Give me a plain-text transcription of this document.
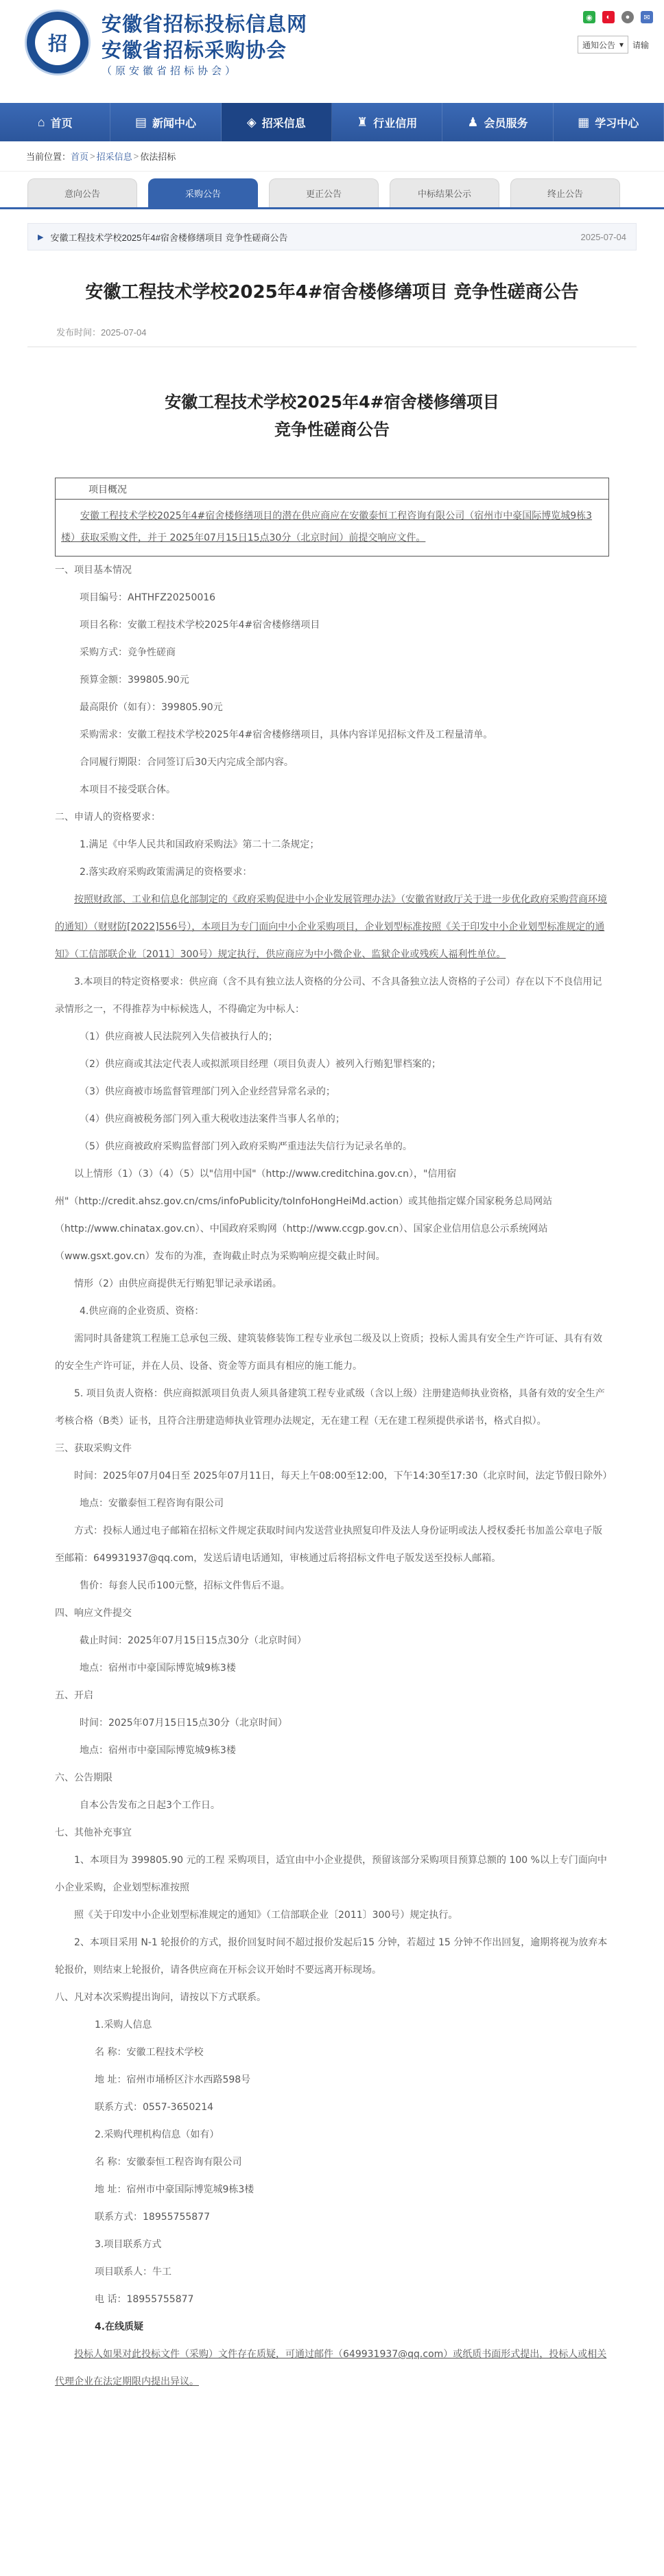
招
安徽省招标投标信息网
安徽省招标采购协会
（原安徽省招标协会）
◉	◐	●	✉
通知公告 ▾ 请输
⌂ 首页	▤ 新闻中心	◈ 招采信息	♜ 行业信用	♟ 会员服务	▦ 学习中心
当前位置： 首页 > 招采信息 > 依法招标
意向公告	采购公告	更正公告	中标结果公示	终止公告
▶ 安徽工程技术学校2025年4#宿舍楼修缮项目 竞争性磋商公告	2025-07-04
安徽工程技术学校2025年4#宿舍楼修缮项目 竞争性磋商公告
发布时间：2025-07-04
安徽工程技术学校2025年4#宿舍楼修缮项目
竞争性磋商公告
项目概况
安徽工程技术学校2025年4#宿舍楼修缮项目的潜在供应商应在安徽泰恒工程咨询有限公司（宿州市中豪国际博览城9栋3楼）获取采购文件，并于 2025年07月15日15点30分（北京时间）前提交响应文件。
一、项目基本情况
项目编号：AHTHFZ20250016
项目名称：安徽工程技术学校2025年4#宿舍楼修缮项目
采购方式：竞争性磋商
预算金额：399805.90元
最高限价（如有）：399805.90元
采购需求：安徽工程技术学校2025年4#宿舍楼修缮项目，具体内容详见招标文件及工程量清单。
合同履行期限：合同签订后30天内完成全部内容。
本项目不接受联合体。
二、申请人的资格要求：
1.满足《中华人民共和国政府采购法》第二十二条规定；
2.落实政府采购政策需满足的资格要求：
按照财政部、工业和信息化部制定的《政府采购促进中小企业发展管理办法》（安徽省财政厅关于进一步优化政府采购营商环境的通知）（财财防[2022]556号），本项目为专门面向中小企业采购项目，企业划型标准按照《关于印发中小企业划型标准规定的通知》（工信部联企业〔2011〕300号）规定执行，供应商应为中小微企业、监狱企业或残疾人福利性单位。
3.本项目的特定资格要求：供应商（含不具有独立法人资格的分公司、不含具备独立法人资格的子公司）存在以下不良信用记录情形之一，不得推荐为中标候选人，不得确定为中标人：
（1）供应商被人民法院列入失信被执行人的；
（2）供应商或其法定代表人或拟派项目经理（项目负责人）被列入行贿犯罪档案的；
（3）供应商被市场监督管理部门列入企业经营异常名录的；
（4）供应商被税务部门列入重大税收违法案件当事人名单的；
（5）供应商被政府采购监督部门列入政府采购严重违法失信行为记录名单的。
以上情形（1）（3）（4）（5）以"信用中国"（http://www.creditchina.gov.cn），"信用宿州"（http://credit.ahsz.gov.cn/cms/infoPublicity/toInfoHongHeiMd.action）或其他指定媒介国家税务总局网站（http://www.chinatax.gov.cn）、中国政府采购网（http://www.ccgp.gov.cn）、国家企业信用信息公示系统网站（www.gsxt.gov.cn）发布的为准，查询截止时点为采购响应提交截止时间。
情形（2）由供应商提供无行贿犯罪记录承诺函。
4.供应商的企业资质、资格：
需同时具备建筑工程施工总承包三级、建筑装修装饰工程专业承包二级及以上资质；投标人需具有安全生产许可证、具有有效的安全生产许可证，并在人员、设备、资金等方面具有相应的施工能力。
5. 项目负责人资格：供应商拟派项目负责人须具备建筑工程专业贰级（含以上级）注册建造师执业资格，具备有效的安全生产考核合格（B类）证书，且符合注册建造师执业管理办法规定，无在建工程（无在建工程须提供承诺书，格式自拟）。
三、获取采购文件
时间：2025年07月04日至 2025年07月11日，每天上午08:00至12:00，下午14:30至17:30（北京时间，法定节假日除外）
地点：安徽泰恒工程咨询有限公司
方式：投标人通过电子邮箱在招标文件规定获取时间内发送营业执照复印件及法人身份证明或法人授权委托书加盖公章电子版至邮箱：649931937@qq.com，发送后请电话通知，审核通过后将招标文件电子版发送至投标人邮箱。
售价：每套人民币100元整，招标文件售后不退。
四、响应文件提交
截止时间：2025年07月15日15点30分（北京时间）
地点：宿州市中豪国际博览城9栋3楼
五、开启
时间：2025年07月15日15点30分（北京时间）
地点：宿州市中豪国际博览城9栋3楼
六、公告期限
自本公告发布之日起3个工作日。
七、其他补充事宜
1、本项目为 399805.90 元的工程 采购项目，适宜由中小企业提供，预留该部分采购项目预算总额的 100 %以上专门面向中小企业采购，企业划型标准按照
照《关于印发中小企业划型标准规定的通知》（工信部联企业〔2011〕300号）规定执行。
2、本项目采用 N-1 轮报价的方式，报价回复时间不超过报价发起后15 分钟，若超过 15 分钟不作出回复，逾期将视为放弃本轮报价，则结束上轮报价，请各供应商在开标会议开始时不要远离开标现场。
八、凡对本次采购提出询问，请按以下方式联系。
1.采购人信息
名 称：安徽工程技术学校
地 址：宿州市埇桥区汴水西路598号
联系方式：0557-3650214
2.采购代理机构信息（如有）
名 称：安徽泰恒工程咨询有限公司
地 址：宿州市中豪国际博览城9栋3楼
联系方式：18955755877
3.项目联系方式
项目联系人：牛工
电 话：18955755877
4.在线质疑
投标人如果对此投标文件（采购）文件存在质疑，可通过邮件（649931937@qq.com）或纸质书面形式提出，投标人或相关代理企业在法定期限内提出异议。
